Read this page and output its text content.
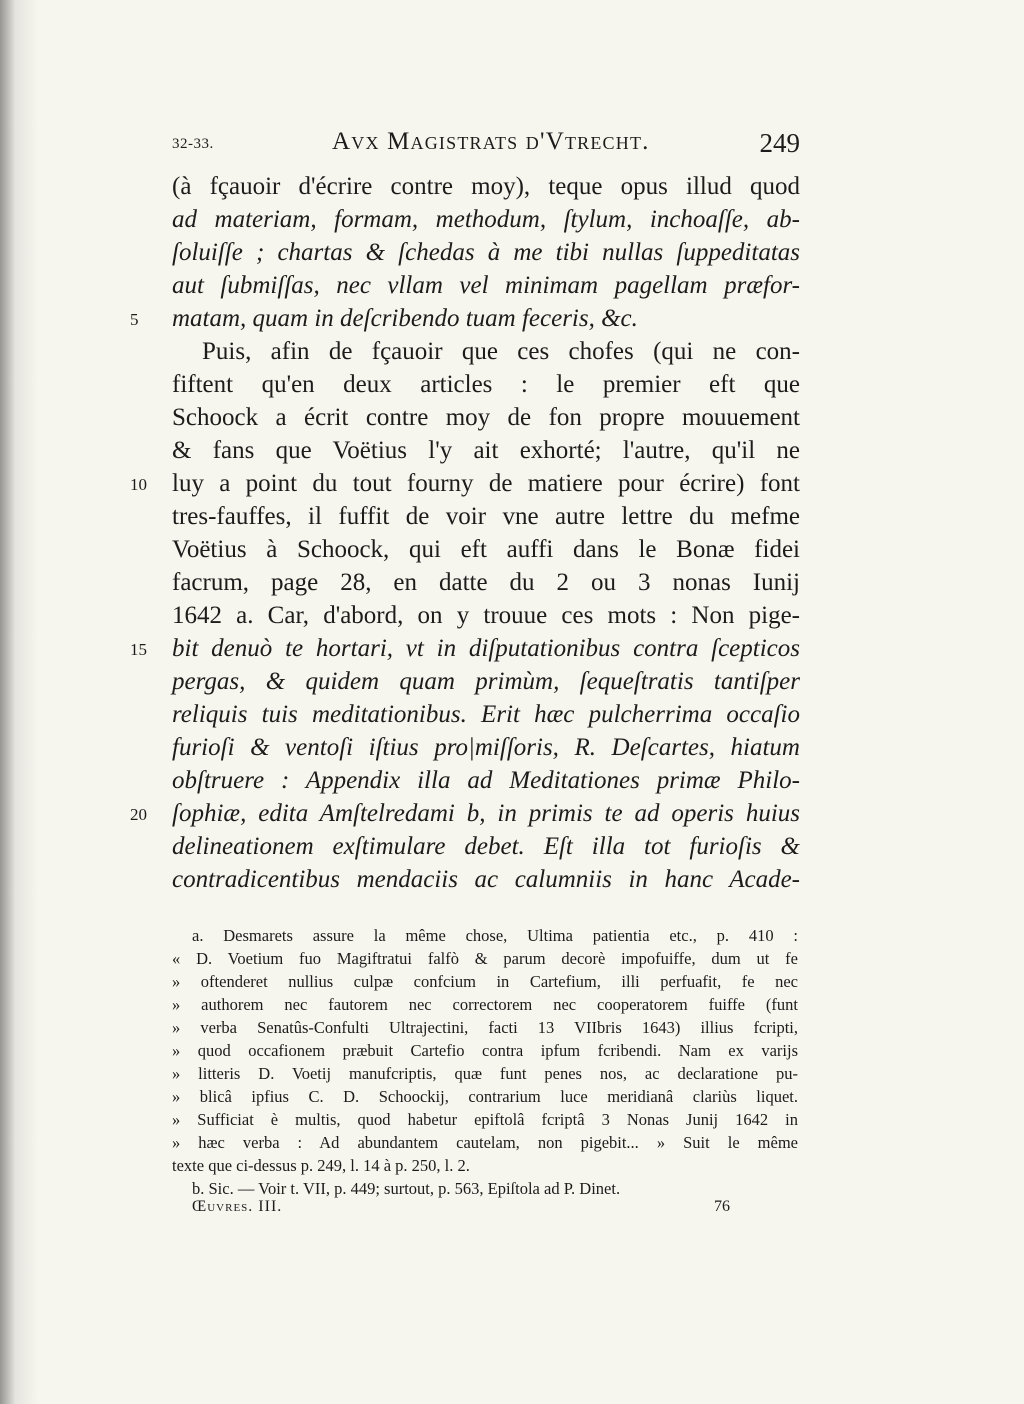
32-33.	Avx Magistrats d'Vtrecht.	249
(à fçauoir d'écrire contre moy), teque opus illud quod
ad materiam, formam, methodum, ſtylum, inchoaſſe, ab-
ſoluiſſe ; chartas & ſchedas à me tibi nullas ſuppeditatas
aut ſubmiſſas, nec vllam vel minimam pagellam præfor-
5	matam, quam in deſcribendo tuam feceris, &c.
Puis, afin de fçauoir que ces chofes (qui ne con-
fiftent qu'en deux articles : le premier eft que
Schoock a écrit contre moy de fon propre mouuement
& fans que Voëtius l'y ait exhorté; l'autre, qu'il ne
10 luy a point du tout fourny de matiere pour écrire) font
tres-fauffes, il fuffit de voir vne autre lettre du mefme
Voëtius à Schoock, qui eft auffi dans le Bonæ fidei
facrum, page 28, en datte du 2 ou 3 nonas Iunij
1642 a. Car, d'abord, on y trouue ces mots : Non pige-
15 bit denuò te hortari, vt in diſputationibus contra ſcepticos
pergas, & quidem quam primùm, ſequeſtratis tantiſper
reliquis tuis meditationibus. Erit hæc pulcherrima occaſio
furioſi & ventoſi iſtius pro|miſſoris, R. Deſcartes, hiatum
obſtruere : Appendix illa ad Meditationes primæ Philo-
20 ſophiæ, edita Amſtelredami b, in primis te ad operis huius
delineationem exſtimulare debet. Eſt illa tot furioſis &
contradicentibus mendaciis ac calumniis in hanc Acade-
a. Desmarets assure la même chose, Ultima patientia etc., p. 410 :
« D. Voetium fuo Magiftratui falfò & parum decorè impofuiffe, dum ut fe
» oftenderet nullius culpæ confcium in Cartefium, illi perfuafit, fe nec
» authorem nec fautorem nec correctorem nec cooperatorem fuiffe (funt
» verba Senatûs-Confulti Ultrajectini, facti 13 VIIbris 1643) illius fcripti,
» quod occafionem præbuit Cartefio contra ipfum fcribendi. Nam ex varijs
» litteris D. Voetij manufcriptis, quæ funt penes nos, ac declaratione pu-
» blicâ ipfius C. D. Schoockij, contrarium luce meridianâ clariùs liquet.
» Sufficiat è multis, quod habetur epiftolâ fcriptâ 3 Nonas Junij 1642 in
» hæc verba : Ad abundantem cautelam, non pigebit... » Suit le même
texte que ci-dessus p. 249, l. 14 à p. 250, l. 2.
b. Sic. — Voir t. VII, p. 449; surtout, p. 563, Epiſtola ad P. Dinet.
Œuvres. III.	76
